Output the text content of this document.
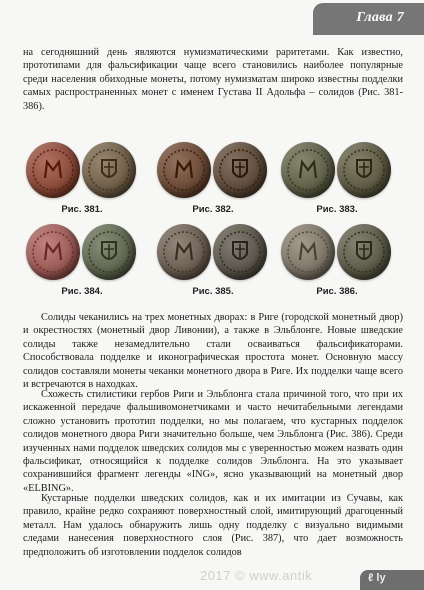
Глава 7

на сегодняшний день являются нумизматическими раритетами. Как известно, прототипами для фальсификации чаще всего становились наиболее популярные среди населения обиходные монеты, потому нумизматам широко известны подделки самых распространенных монет с именем Густава II Адольфа – солидов (Рис. 381-386).

Рис. 381.	Рис. 382.	Рис. 383.
Рис. 384.	Рис. 385.	Рис. 386.

Солиды чеканились на трех монетных дворах: в Риге (городской монетный двор) и окрестностях (монетный двор Ливонии), а также в Эльблонге. Новые шведские солиды также незамедлительно стали осваиваться фальсификаторами. Способствовала подделке и иконографическая простота монет. Основную массу солидов составляли монеты чеканки монетного двора в Риге. Их подделки чаще всего и встречаются в находках.

Схожесть стилистики гербов Риги и Эльблонга стала причиной того, что при их искаженной передаче фальшивомонетчиками и часто нечитабельными легендами сложно установить прототип подделки, но мы полагаем, что кустарных подделок солидов монетного двора Риги значительно больше, чем Эльблонга (Рис. 386). Среди изученных нами подделок шведских солидов мы с уверенностью можем назвать один фальсификат, относящийся к подделке солидов Эльблонга. На это указывает сохранившийся фрагмент легенды «ING», ясно указывающий на монетный двор «ELBING».

Кустарные подделки шведских солидов, как и их имитации из Сучавы, как правило, крайне редко сохраняют поверхностный слой, имитирующий драгоценный металл. Нам удалось обнаружить лишь одну подделку с визуально видимыми следами нанесения поверхностного слоя (Рис. 387), что дает возможность предположить об изготовлении подделок солидов

2017 © www.antik	ℓ ly
